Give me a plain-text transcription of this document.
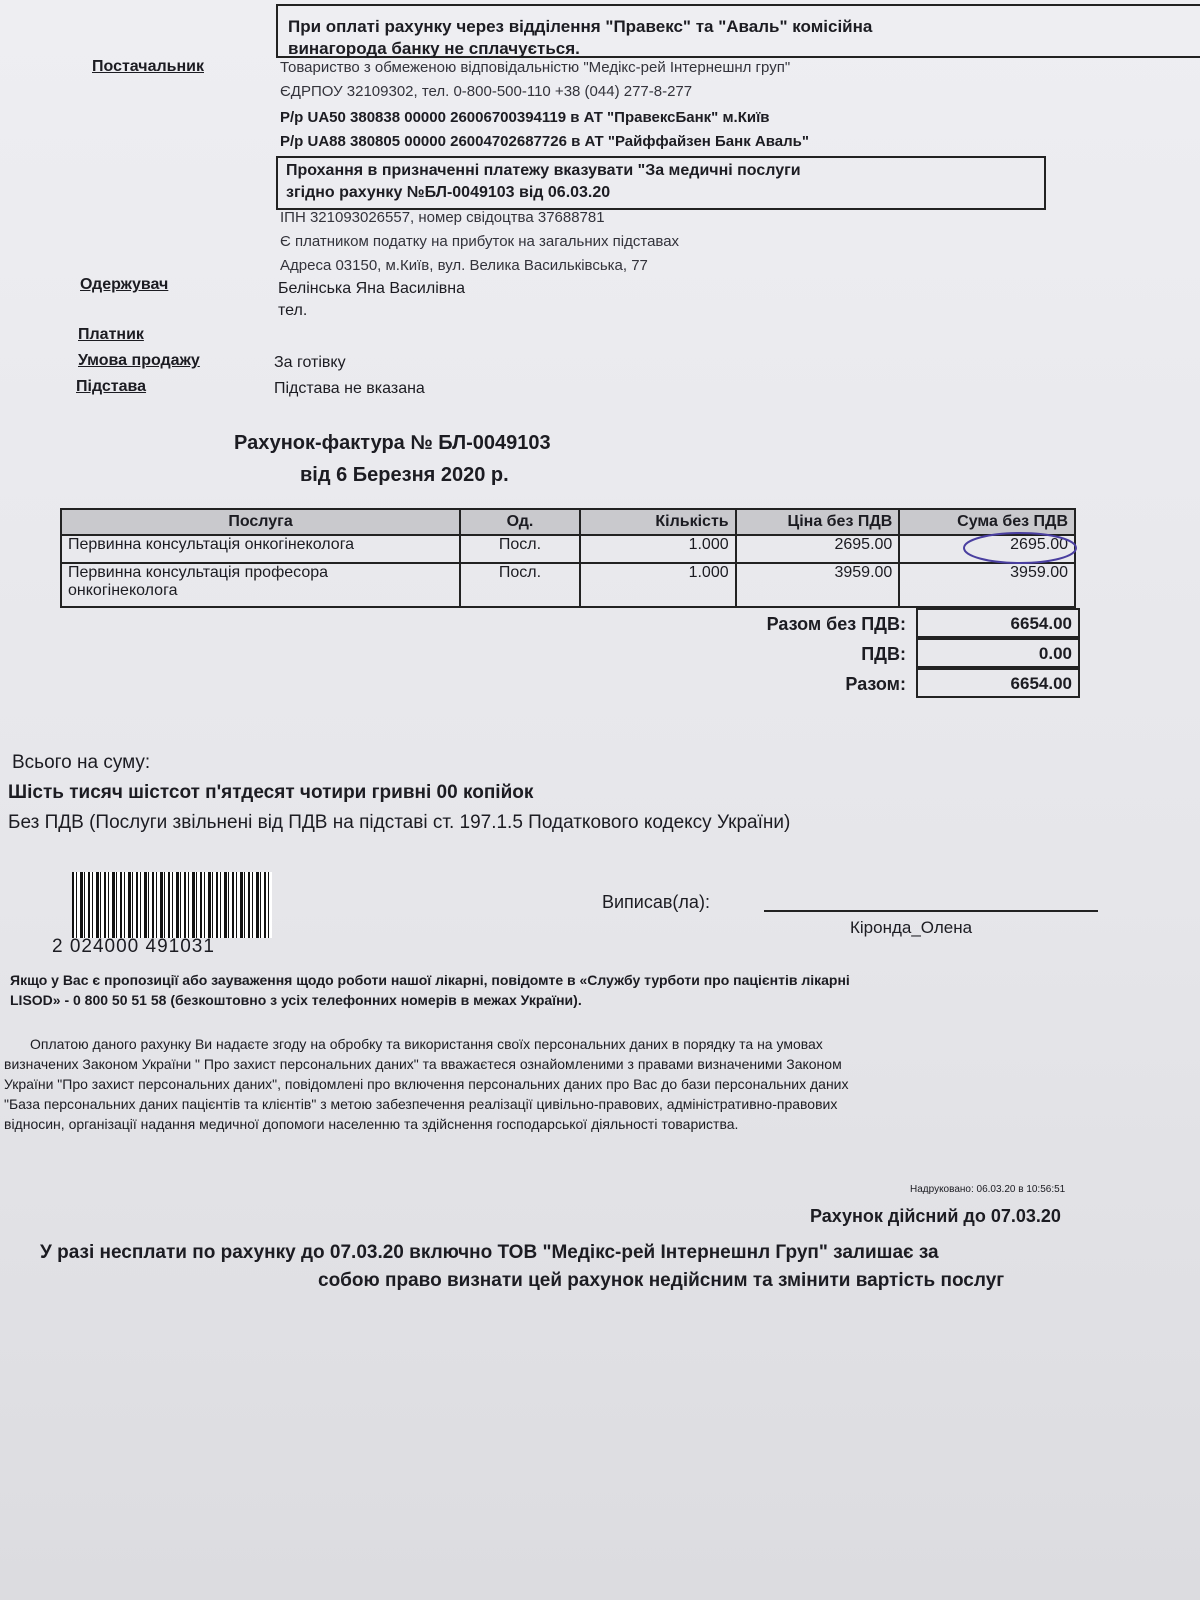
При оплаті рахунку через відділення "Правекс" та "Аваль" комісійна
винагорода банку не сплачується.
Постачальник	Товариство з обмеженою відповідальністю "Медікс-рей Інтернешнл груп"
ЄДРПОУ 32109302, тел. 0-800-500-110 +38 (044) 277-8-277
Р/р UA50 380838 00000 26006700394119 в АТ "ПравексБанк" м.Київ
Р/р UA88 380805 00000 26004702687726 в АТ "Райффайзен Банк Аваль"
Прохання в призначенні платежу вказувати "За медичні послуги
згідно рахунку №БЛ-0049103 від 06.03.20
ІПН 321093026557, номер свідоцтва 37688781
Є платником податку на прибуток на загальних підставах
Адреса 03150, м.Київ, вул. Велика Васильківська, 77
Одержувач	Белінська Яна Василівна
тел.
Платник
Умова продажу	За готівку
Підстава	Підстава не вказана
Рахунок-фактура № БЛ-0049103
від 6 Березня 2020 р.
Послуга	Од.	Кількість	Ціна без ПДВ	Сума без ПДВ
Первинна консультація онкогінеколога	Посл.	1.000	2695.00	2695.00

Первинна консультація професора
онкогінеколога	Посл.	1.000	3959.00	3959.00
Разом без ПДВ:	6654.00
ПДВ:	0.00
Разом:	6654.00
Всього на суму:
Шість тисяч шістсот п'ятдесят чотири гривні 00 копійок
Без ПДВ (Послуги звільнені від ПДВ на підставі ст. 197.1.5 Податкового кодексу України)
2 024000 491031
Виписав(ла):
Кіронда_Олена
Якщо у Вас є пропозиції або зауваження щодо роботи нашої лікарні, повідомте в «Службу турботи про пацієнтів лікарні
LISOD» - 0 800 50 51 58 (безкоштовно з усіх телефонних номерів в межах України).
Оплатою даного рахунку Ви надаєте згоду на обробку та використання своїх персональних даних в порядку та на умовах
визначених Законом України " Про захист персональних даних" та вважаєтеся ознайомленими з правами визначеними Законом
України "Про захист персональних даних", повідомлені про включення персональних даних про Вас до бази персональних даних
"База персональних даних пацієнтів та клієнтів" з метою забезпечення реалізації цивільно-правових, адміністративно-правових
відносин, організації надання медичної допомоги населенню та здійснення господарської діяльності товариства.
Надруковано: 06.03.20 в 10:56:51
Рахунок дійсний до 07.03.20
У разі несплати по рахунку до 07.03.20 включно ТОВ "Медікс-рей Інтернешнл Груп" залишає за
собою право визнати цей рахунок недійсним та змінити вартість послуг
